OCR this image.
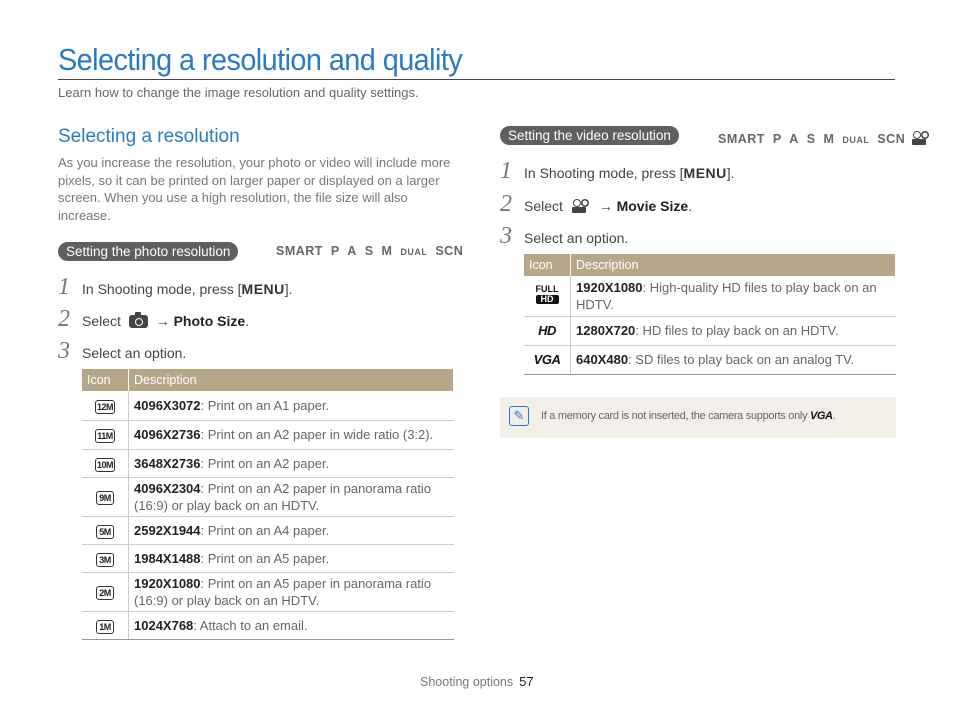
Selecting a resolution and quality
Learn how to change the image resolution and quality settings.
Selecting a resolution

As you increase the resolution, your photo or video will include more pixels, so it can be printed on larger paper or displayed on a larger screen. When you use a high resolution, the file size will also increase.

Setting the photo resolution	SMART P A S M DUAL SCN
1 In Shooting mode, press [MENU].
2 Select → Photo Size.
3 Select an option.
Icon	Description
12M	4096X3072: Print on an A1 paper.
11M	4096X2736: Print on an A2 paper in wide ratio (3:2).
10M	3648X2736: Print on an A2 paper.
9M	4096X2304: Print on an A2 paper in panorama ratio (16:9) or play back on an HDTV.
5M	2592X1944: Print on an A4 paper.
3M	1984X1488: Print on an A5 paper.
2M	1920X1080: Print on an A5 paper in panorama ratio (16:9) or play back on an HDTV.
1M	1024X768: Attach to an email.
Setting the video resolution	SMART P A S M DUAL SCN
1 In Shooting mode, press [MENU].
2 Select	→ Movie Size.
3 Select an option.
Icon	Description
FULL
HD	1920X1080: High-quality HD files to play back on an HDTV.
HD	1280X720: HD files to play back on an HDTV.
VGA	640X480: SD files to play back on an analog TV.
✎	If a memory card is not inserted, the camera supports only VGA.
Shooting options 57
